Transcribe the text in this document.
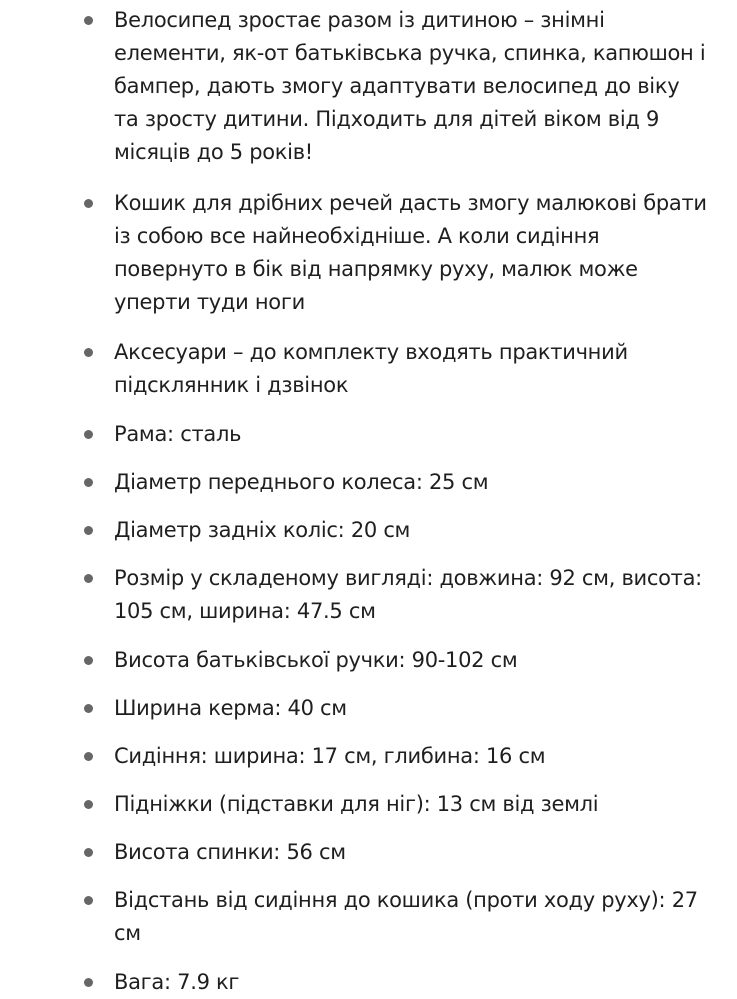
Велосипед зростає разом із дитиною – знімні елементи, як-от батьківська ручка, спинка, капюшон і бампер, дають змогу адаптувати велосипед до віку та зросту дитини. Підходить для дітей віком від 9 місяців до 5 років!
Кошик для дрібних речей дасть змогу малюкові брати із собою все найнеобхідніше. А коли сидіння повернуто в бік від напрямку руху, малюк може уперти туди ноги
Аксесуари – до комплекту входять практичний підсклянник і дзвінок
Рама: сталь
Діаметр переднього колеса: 25 см
Діаметр задніх коліс: 20 см
Розмір у складеному вигляді: довжина: 92 см, висота: 105 см, ширина: 47.5 см
Висота батьківської ручки: 90-102 см
Ширина керма: 40 см
Сидіння: ширина: 17 см, глибина: 16 см
Підніжки (підставки для ніг): 13 см від землі
Висота спинки: 56 см
Відстань від сидіння до кошика (проти ходу руху): 27 см
Вага: 7.9 кг
